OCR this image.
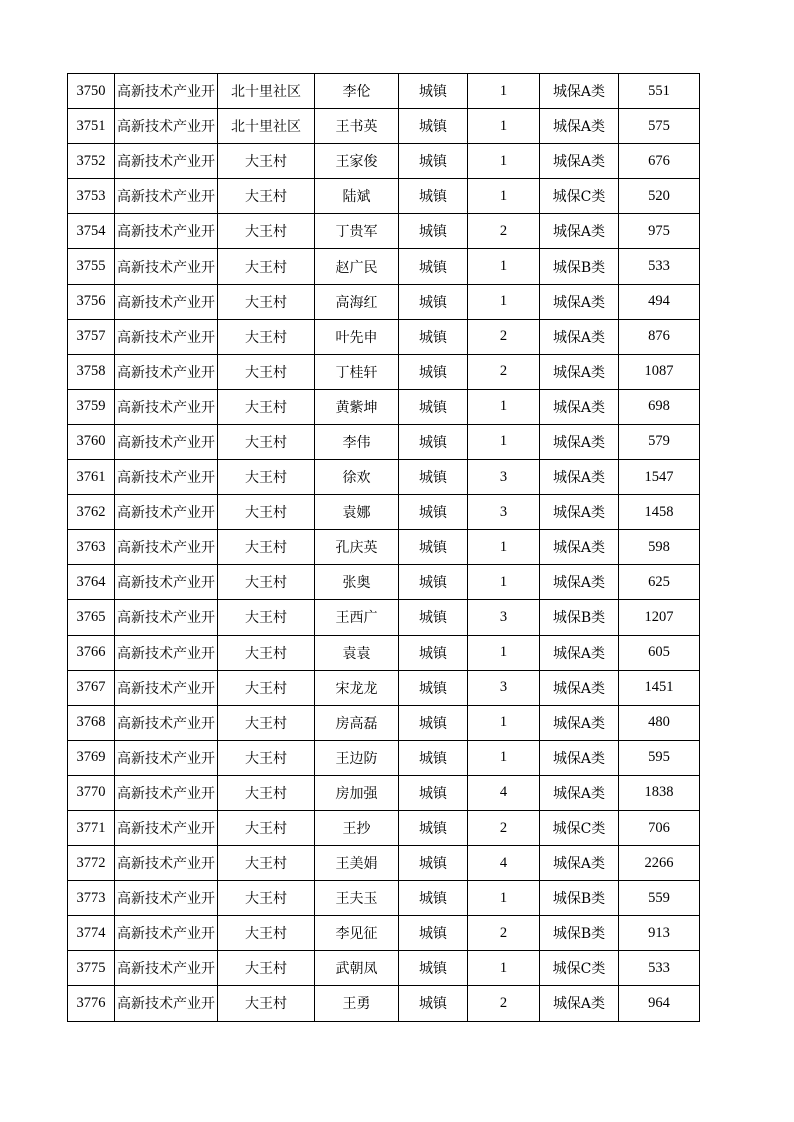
3750	高新技术产业开	北十里社区	李伦	城镇	1	城保A类	551
3751	高新技术产业开	北十里社区	王书英	城镇	1	城保A类	575
3752	高新技术产业开	大王村	王家俊	城镇	1	城保A类	676
3753	高新技术产业开	大王村	陆斌	城镇	1	城保C类	520
3754	高新技术产业开	大王村	丁贵军	城镇	2	城保A类	975
3755	高新技术产业开	大王村	赵广民	城镇	1	城保B类	533
3756	高新技术产业开	大王村	高海红	城镇	1	城保A类	494
3757	高新技术产业开	大王村	叶先申	城镇	2	城保A类	876
3758	高新技术产业开	大王村	丁桂轩	城镇	2	城保A类	1087
3759	高新技术产业开	大王村	黄紫坤	城镇	1	城保A类	698
3760	高新技术产业开	大王村	李伟	城镇	1	城保A类	579
3761	高新技术产业开	大王村	徐欢	城镇	3	城保A类	1547
3762	高新技术产业开	大王村	袁娜	城镇	3	城保A类	1458
3763	高新技术产业开	大王村	孔庆英	城镇	1	城保A类	598
3764	高新技术产业开	大王村	张奥	城镇	1	城保A类	625
3765	高新技术产业开	大王村	王西广	城镇	3	城保B类	1207
3766	高新技术产业开	大王村	袁袁	城镇	1	城保A类	605
3767	高新技术产业开	大王村	宋龙龙	城镇	3	城保A类	1451
3768	高新技术产业开	大王村	房高磊	城镇	1	城保A类	480
3769	高新技术产业开	大王村	王边防	城镇	1	城保A类	595
3770	高新技术产业开	大王村	房加强	城镇	4	城保A类	1838
3771	高新技术产业开	大王村	王抄	城镇	2	城保C类	706
3772	高新技术产业开	大王村	王美娟	城镇	4	城保A类	2266
3773	高新技术产业开	大王村	王夫玉	城镇	1	城保B类	559
3774	高新技术产业开	大王村	李见征	城镇	2	城保B类	913
3775	高新技术产业开	大王村	武朝凤	城镇	1	城保C类	533
3776	高新技术产业开	大王村	王勇	城镇	2	城保A类	964
